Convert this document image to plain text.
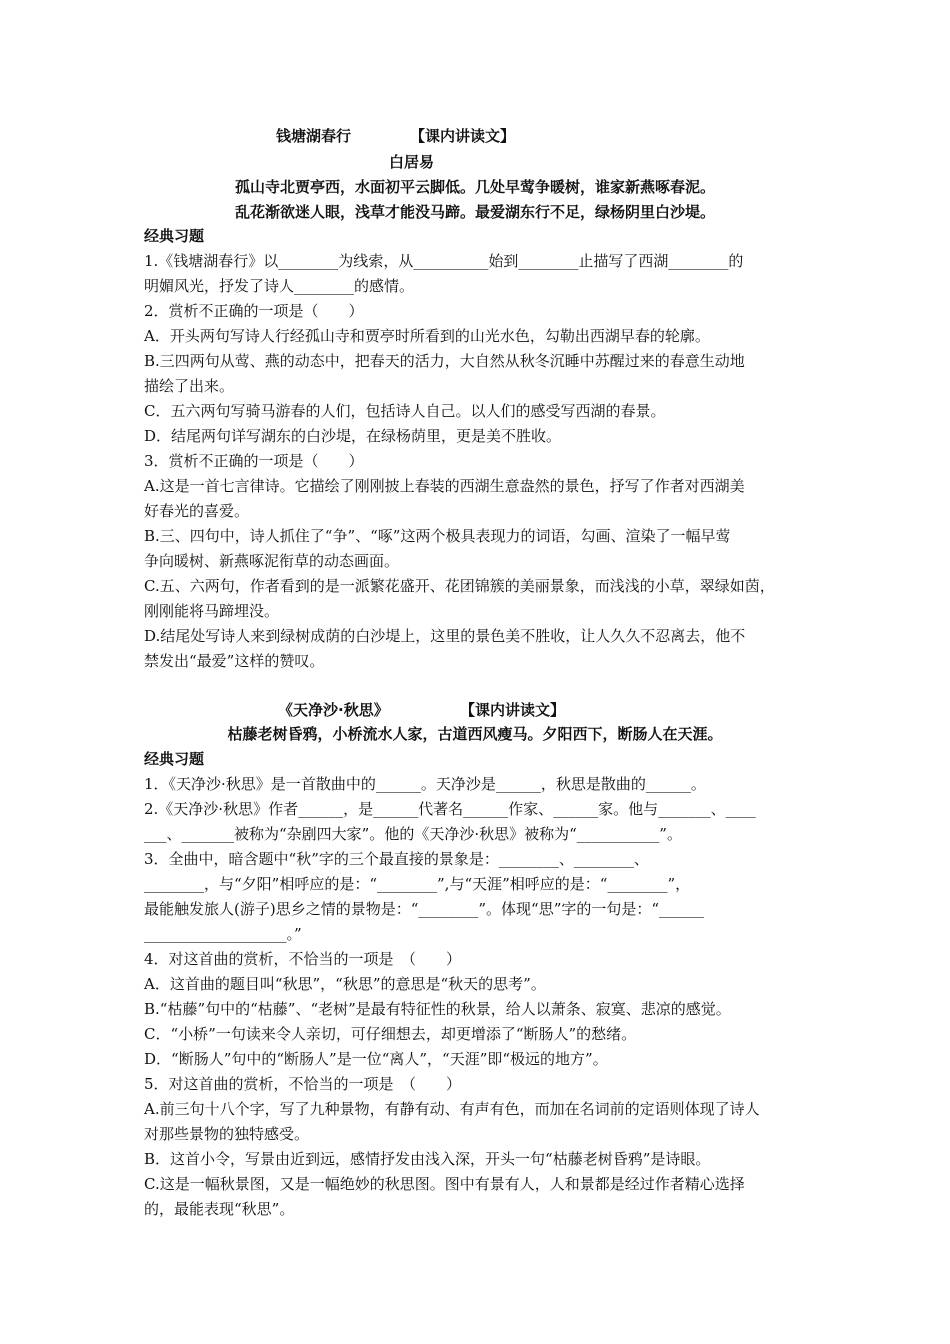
钱塘湖春行	【课内讲读文】
白居易
孤山寺北贾亭西，水面初平云脚低。几处早莺争暖树，谁家新燕啄春泥。
乱花渐欲迷人眼，浅草才能没马蹄。最爱湖东行不足，绿杨阴里白沙堤。
经典习题
1.《钱塘湖春行》以________为线索，从__________始到________止描写了西湖________的
明媚风光，抒发了诗人________的感情。
2．赏析不正确的一项是（　　）
A．开头两句写诗人行经孤山寺和贾亭时所看到的山光水色，勾勒出西湖早春的轮廓。
B.三四两句从莺、燕的动态中，把春天的活力，大自然从秋冬沉睡中苏醒过来的春意生动地
描绘了出来。
C．五六两句写骑马游春的人们，包括诗人自己。以人们的感受写西湖的春景。
D．结尾两句详写湖东的白沙堤，在绿杨荫里，更是美不胜收。
3．赏析不正确的一项是（　　）
A.这是一首七言律诗。它描绘了刚刚披上春装的西湖生意盎然的景色，抒写了作者对西湖美
好春光的喜爱。
B.三、四句中，诗人抓住了“争”、“啄”这两个极具表现力的词语，勾画、渲染了一幅早莺
争向暖树、新燕啄泥衔草的动态画面。
C.五、六两句，作者看到的是一派繁花盛开、花团锦簇的美丽景象，而浅浅的小草，翠绿如茵，
刚刚能将马蹄埋没。
D.结尾处写诗人来到绿树成荫的白沙堤上，这里的景色美不胜收，让人久久不忍离去，他不
禁发出“最爱”这样的赞叹。
《天净沙·秋思》	【课内讲读文】
枯藤老树昏鸦，小桥流水人家，古道西风瘦马。夕阳西下，断肠人在天涯。
经典习题
1．《天净沙·秋思》是一首散曲中的______。天净沙是______，秋思是散曲的______。
2.《天净沙·秋思》作者______，是______代著名______作家、______家。他与_______、____
___、_______被称为“杂剧四大家”。他的《天净沙·秋思》被称为“___________”。
3．全曲中，暗含题中“秋”字的三个最直接的景象是：________、________、
________，与“夕阳”相呼应的是：“________”,与“天涯”相呼应的是：“________”，
最能触发旅人(游子)思乡之情的景物是：“________”。体现“思”字的一句是：“______
___________________。”
4．对这首曲的赏析，不恰当的一项是　（　　）
A．这首曲的题目叫“秋思”，“秋思”的意思是“秋天的思考”。
B.“枯藤”句中的“枯藤”、“老树”是最有特征性的秋景，给人以萧条、寂寞、悲凉的感觉。
C．“小桥”一句读来令人亲切，可仔细想去，却更增添了“断肠人”的愁绪。
D．“断肠人”句中的“断肠人”是一位“离人”，“天涯”即“极远的地方”。
5．对这首曲的赏析，不恰当的一项是　（　　）
A.前三句十八个字，写了九种景物，有静有动、有声有色，而加在名词前的定语则体现了诗人
对那些景物的独特感受。
B．这首小令，写景由近到远，感情抒发由浅入深，开头一句“枯藤老树昏鸦”是诗眼。
C.这是一幅秋景图，又是一幅绝妙的秋思图。图中有景有人，人和景都是经过作者精心选择
的，最能表现“秋思”。
